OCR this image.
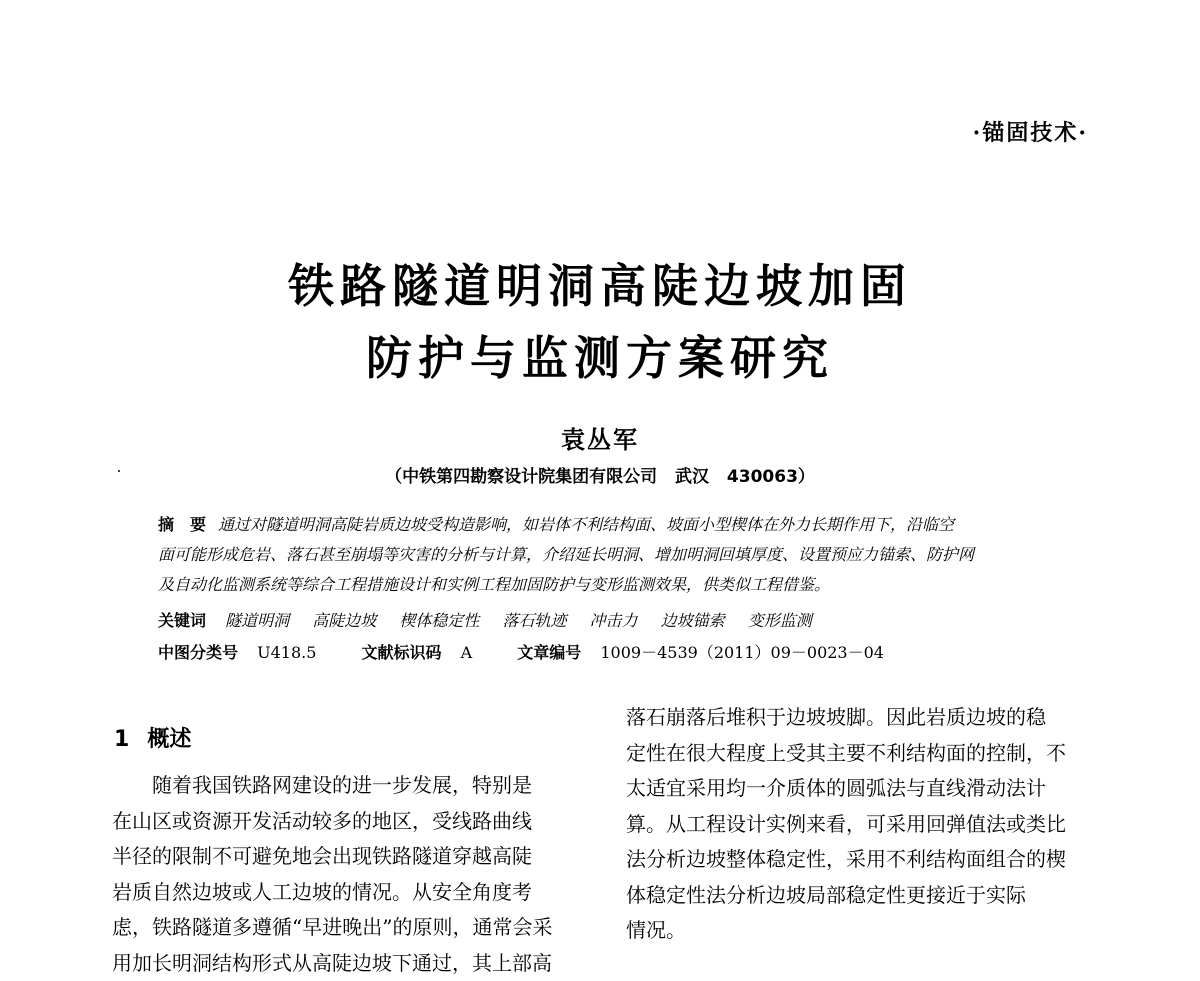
·锚固技术·
铁路隧道明洞高陡边坡加固
防护与监测方案研究
袁丛军
（中铁第四勘察设计院集团有限公司 武汉 430063）
摘　要 通过对隧道明洞高陡岩质边坡受构造影响，如岩体不利结构面、坡面小型楔体在外力长期作用下，沿临空
面可能形成危岩、落石甚至崩塌等灾害的分析与计算，介绍延长明洞、增加明洞回填厚度、设置预应力锚索、防护网
及自动化监测系统等综合工程措施设计和实例工程加固防护与变形监测效果，供类似工程借鉴。
关键词 隧道明洞 高陡边坡 楔体稳定性 落石轨迹 冲击力 边坡锚索 变形监测
中图分类号 U418.5	文献标识码 A	文章编号 1009－4539（2011）09－0023－04
1 概述
随着我国铁路网建设的进一步发展，特别是
在山区或资源开发活动较多的地区，受线路曲线
半径的限制不可避免地会出现铁路隧道穿越高陡
岩质自然边坡或人工边坡的情况。从安全角度考
虑，铁路隧道多遵循“早进晚出”的原则，通常会采
用加长明洞结构形式从高陡边坡下通过，其上部高
落石崩落后堆积于边坡坡脚。因此岩质边坡的稳
定性在很大程度上受其主要不利结构面的控制，不
太适宜采用均一介质体的圆弧法与直线滑动法计
算。从工程设计实例来看，可采用回弹值法或类比
法分析边坡整体稳定性，采用不利结构面组合的楔
体稳定性法分析边坡局部稳定性更接近于实际
情况。
